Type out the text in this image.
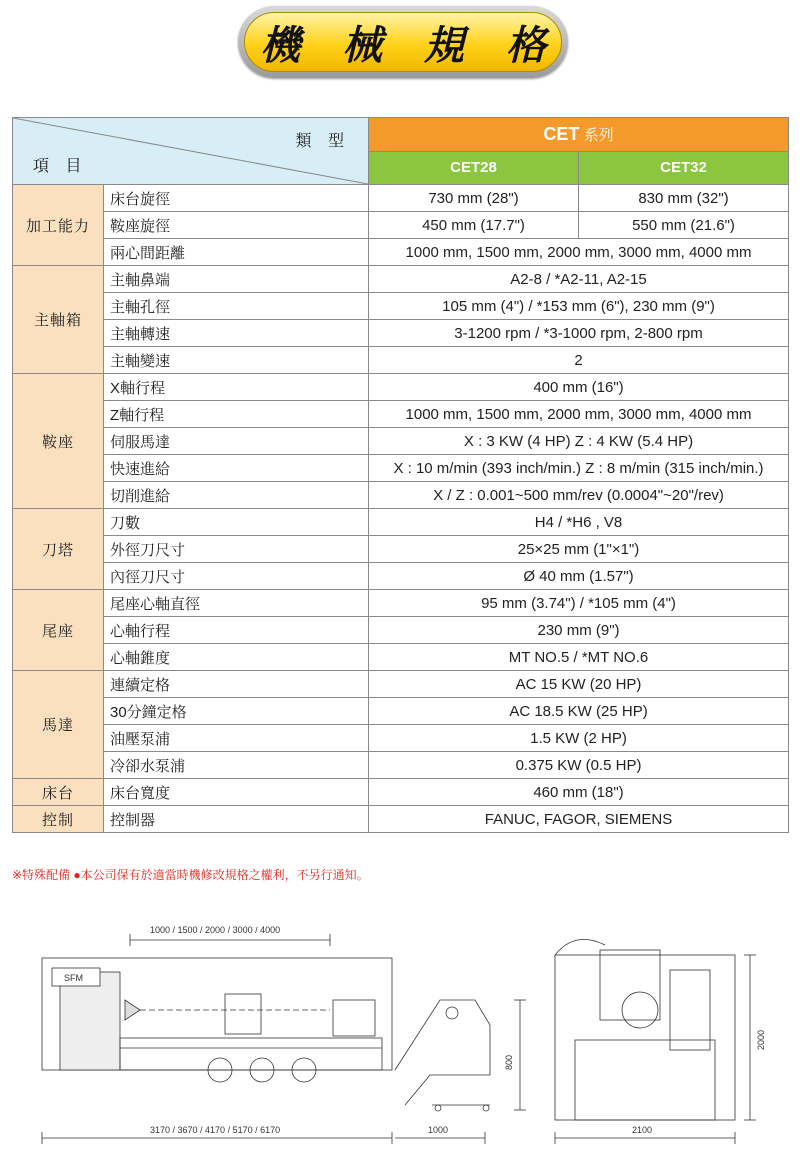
機 械 規 格
類 型
項 目		CET 系列	
		CET28	CET32
加工能力	床台旋徑	730 mm (28")	830 mm (32")
	鞍座旋徑	450 mm (17.7")	550 mm (21.6")
	兩心間距離	1000 mm, 1500 mm, 2000 mm, 3000 mm, 4000 mm	
主軸箱	主軸鼻端	A2-8 / *A2-11, A2-15	
	主軸孔徑	105 mm (4") / *153 mm (6"), 230 mm (9")	
	主軸轉速	3-1200 rpm / *3-1000 rpm, 2-800 rpm	
	主軸變速	2	
鞍座	X軸行程	400 mm (16")	
	Z軸行程	1000 mm, 1500 mm, 2000 mm, 3000 mm, 4000 mm	
	伺服馬達	X : 3 KW (4 HP) Z : 4 KW (5.4 HP)	
	快速進給	X : 10 m/min (393 inch/min.) Z : 8 m/min (315 inch/min.)	
	切削進給	X / Z : 0.001~500 mm/rev (0.0004"~20"/rev)	
刀塔	刀數	H4 / *H6 , V8	
	外徑刀尺寸	25×25 mm (1"×1")	
	內徑刀尺寸	Ø 40 mm (1.57")	
尾座	尾座心軸直徑	95 mm (3.74") / *105 mm (4")	
	心軸行程	230 mm (9")	
	心軸錐度	MT NO.5 / *MT NO.6	
馬達	連續定格	AC 15 KW (20 HP)	
	30分鐘定格	AC 18.5 KW (25 HP)	
	油壓泵浦	1.5 KW (2 HP)	
	冷卻水泵浦	0.375 KW (0.5 HP)	
床台	床台寬度	460 mm (18")	
控制	控制器	FANUC, FAGOR, SIEMENS	
※特殊配備 ●本公司保有於適當時機修改規格之權利，不另行通知。
SFM
1000 / 1500 / 2000 / 3000 / 4000
3170 / 3670 / 4170 / 5170 / 6170	1000
800
2100
2000
